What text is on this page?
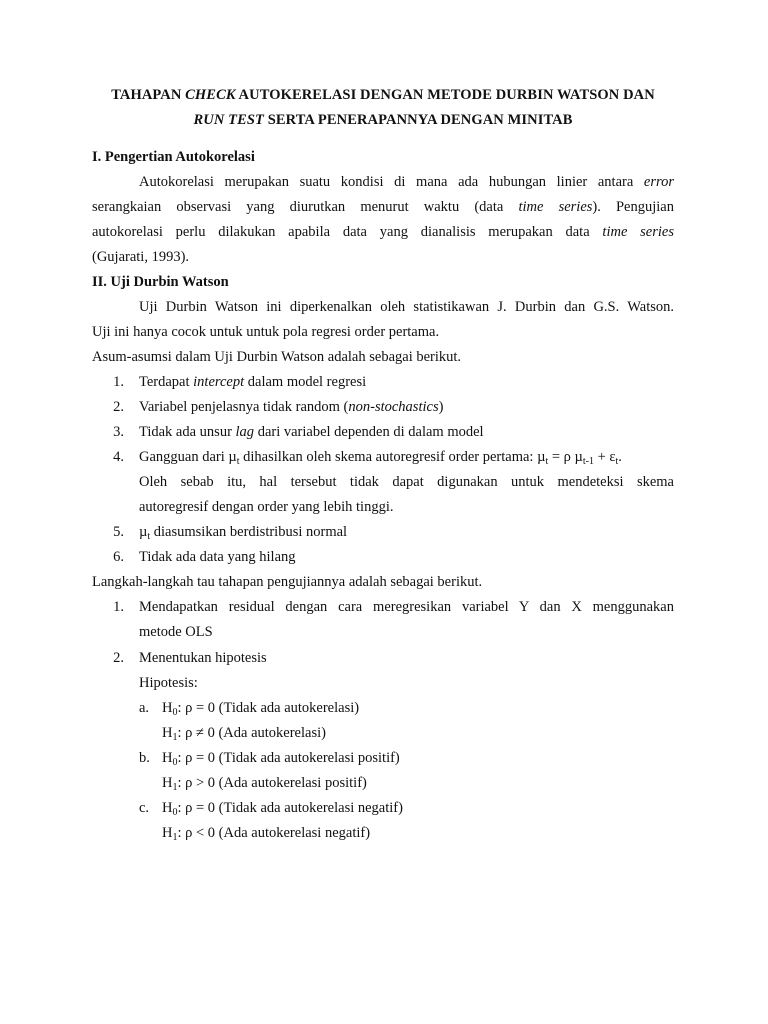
TAHAPAN CHECK AUTOKERELASI DENGAN METODE DURBIN WATSON DAN
RUN TEST SERTA PENERAPANNYA DENGAN MINITAB
I. Pengertian Autokorelasi
Autokorelasi merupakan suatu kondisi di mana ada hubungan linier antara error
serangkaian observasi yang diurutkan menurut waktu (data time series). Pengujian
autokorelasi perlu dilakukan apabila data yang dianalisis merupakan data time series
(Gujarati, 1993).
II. Uji Durbin Watson
Uji Durbin Watson ini diperkenalkan oleh statistikawan J. Durbin dan G.S. Watson.
Uji ini hanya cocok untuk untuk pola regresi order pertama.
Asum-asumsi dalam Uji Durbin Watson adalah sebagai berikut.
1. Terdapat intercept dalam model regresi
2. Variabel penjelasnya tidak random (non-stochastics)
3. Tidak ada unsur lag dari variabel dependen di dalam model
4. Gangguan dari µ$_t$ dihasilkan oleh skema autoregresif order pertama: µ$_t$ = ρ $\mu_{t-1} + \varepsilon_t$.
Oleh sebab itu, hal tersebut tidak dapat digunakan untuk mendeteksi skema
autoregresif dengan order yang lebih tinggi.
5. µ$_t$ diasumsikan berdistribusi normal
6. Tidak ada data yang hilang
Langkah-langkah tau tahapan pengujiannya adalah sebagai berikut.
1. Mendapatkan residual dengan cara meregresikan variabel Y dan X menggunakan
metode OLS
2. Menentukan hipotesis
Hipotesis:
a. $H_0$: ρ = 0 (Tidak ada autokerelasi)
$H_1$: ρ ≠ 0 (Ada autokerelasi)
b. $H_0$: ρ = 0 (Tidak ada autokerelasi positif)
$H_1$: ρ > 0 (Ada autokerelasi positif)
c. $H_0$: ρ = 0 (Tidak ada autokerelasi negatif)
$H_1$: ρ < 0 (Ada autokerelasi negatif)
